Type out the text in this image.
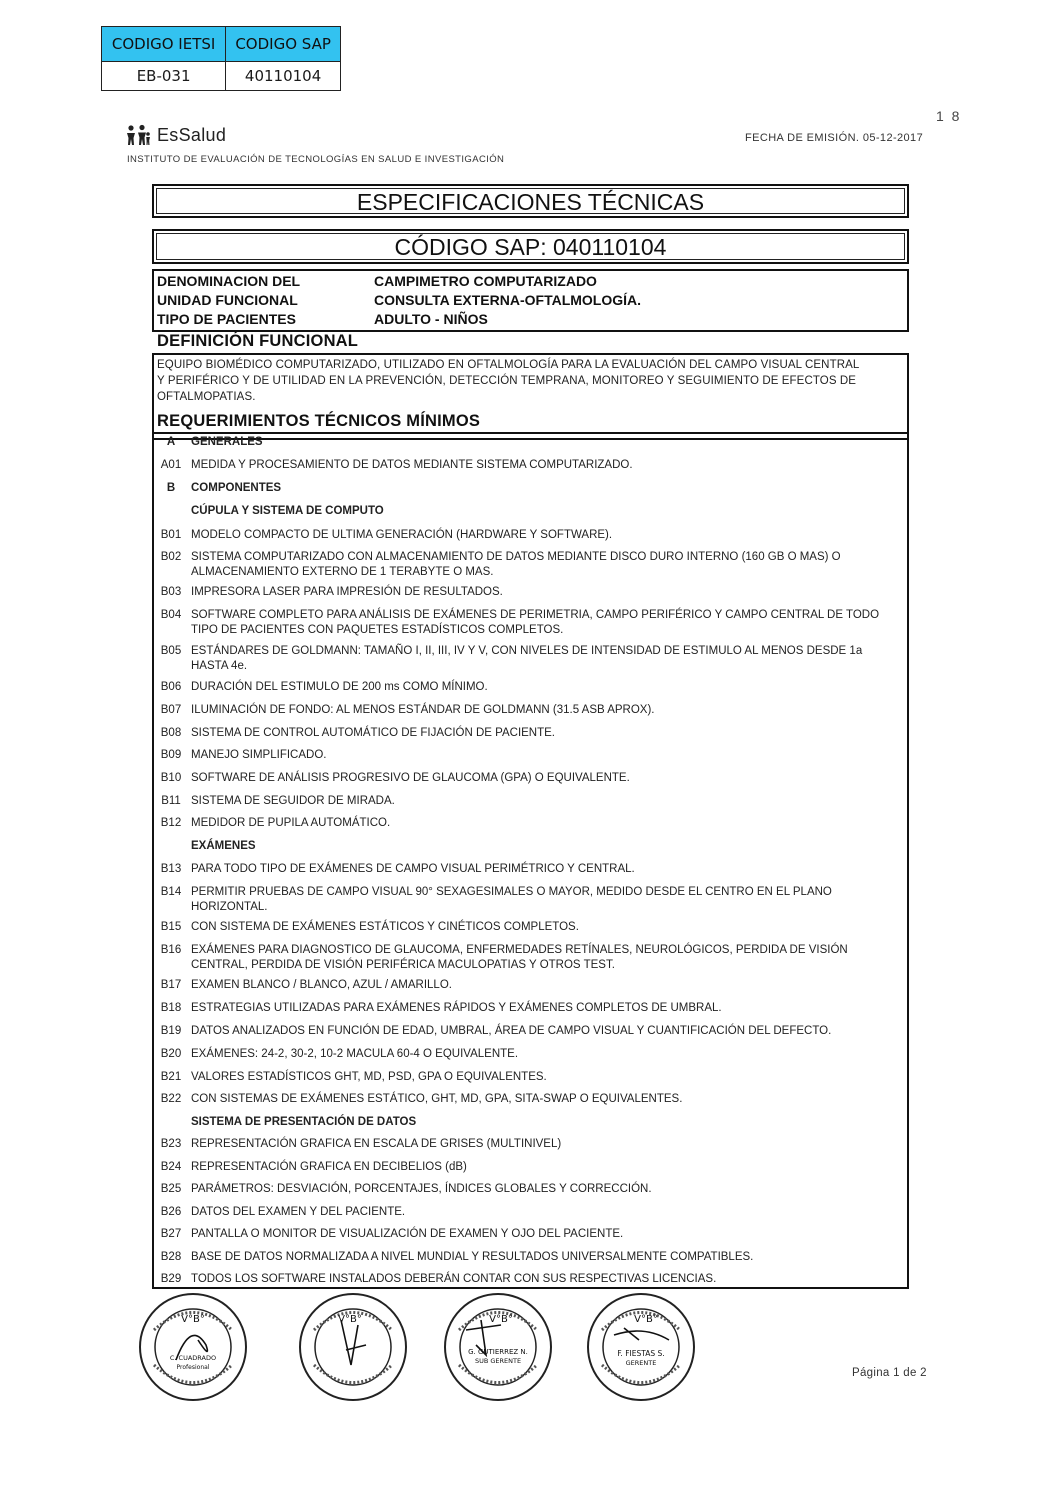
CODIGO IETSI	CODIGO SAP
EB-031	40110104
1 8
EsSalud
INSTITUTO DE EVALUACIÓN DE TECNOLOGÍAS EN SALUD E INVESTIGACIÓN
FECHA DE EMISIÓN. 05-12-2017
ESPECIFICACIONES TÉCNICAS
CÓDIGO SAP: 040110104
DENOMINACION DEL	CAMPIMETRO COMPUTARIZADO
UNIDAD FUNCIONAL	CONSULTA EXTERNA-OFTALMOLOGÍA.
TIPO DE PACIENTES	ADULTO - NIÑOS
DEFINICIÓN FUNCIONAL
EQUIPO BIOMÉDICO COMPUTARIZADO, UTILIZADO EN OFTALMOLOGÍA PARA LA EVALUACIÓN DEL CAMPO VISUAL CENTRAL
Y PERIFÉRICO Y DE UTILIDAD EN LA PREVENCIÓN, DETECCIÓN TEMPRANA, MONITOREO Y SEGUIMIENTO DE EFECTOS DE
OFTALMOPATIAS.
REQUERIMIENTOS TÉCNICOS MÍNIMOS
A	GENERALES
A01 MEDIDA Y PROCESAMIENTO DE DATOS MEDIANTE SISTEMA COMPUTARIZADO.
B	COMPONENTES
CÚPULA Y SISTEMA DE COMPUTO
B01 MODELO COMPACTO DE ULTIMA GENERACIÓN (HARDWARE Y SOFTWARE).
B02 SISTEMA COMPUTARIZADO CON ALMACENAMIENTO DE DATOS MEDIANTE DISCO DURO INTERNO (160 GB O MAS) O ALMACENAMIENTO EXTERNO DE 1 TERABYTE O MAS.
B03 IMPRESORA LASER PARA IMPRESIÓN DE RESULTADOS.
B04 SOFTWARE COMPLETO PARA ANÁLISIS DE EXÁMENES DE PERIMETRIA, CAMPO PERIFÉRICO Y CAMPO CENTRAL DE TODO TIPO DE PACIENTES CON PAQUETES ESTADÍSTICOS COMPLETOS.
B05 ESTÁNDARES DE GOLDMANN: TAMAÑO I, II, III, IV Y V, CON NIVELES DE INTENSIDAD DE ESTIMULO AL MENOS DESDE 1a HASTA 4e.
B06 DURACIÓN DEL ESTIMULO DE 200 ms COMO MÍNIMO.
B07 ILUMINACIÓN DE FONDO: AL MENOS ESTÁNDAR DE GOLDMANN (31.5 ASB APROX).
B08 SISTEMA DE CONTROL AUTOMÁTICO DE FIJACIÓN DE PACIENTE.
B09 MANEJO SIMPLIFICADO.
B10 SOFTWARE DE ANÁLISIS PROGRESIVO DE GLAUCOMA (GPA) O EQUIVALENTE.
B11 SISTEMA DE SEGUIDOR DE MIRADA.
B12 MEDIDOR DE PUPILA AUTOMÁTICO.
EXÁMENES
B13 PARA TODO TIPO DE EXÁMENES DE CAMPO VISUAL PERIMÉTRICO Y CENTRAL.
B14 PERMITIR PRUEBAS DE CAMPO VISUAL 90° SEXAGESIMALES O MAYOR, MEDIDO DESDE EL CENTRO EN EL PLANO HORIZONTAL.
B15 CON SISTEMA DE EXÁMENES ESTÁTICOS Y CINÉTICOS COMPLETOS.
B16 EXÁMENES PARA DIAGNOSTICO DE GLAUCOMA, ENFERMEDADES RETÍNALES, NEUROLÓGICOS, PERDIDA DE VISIÓN CENTRAL, PERDIDA DE VISIÓN PERIFÉRICA MACULOPATIAS Y OTROS TEST.
B17 EXAMEN BLANCO / BLANCO, AZUL / AMARILLO.
B18 ESTRATEGIAS UTILIZADAS PARA EXÁMENES RÁPIDOS Y EXÁMENES COMPLETOS DE UMBRAL.
B19 DATOS ANALIZADOS EN FUNCIÓN DE EDAD, UMBRAL, ÁREA DE CAMPO VISUAL Y CUANTIFICACIÓN DEL DEFECTO.
B20 EXÁMENES: 24-2, 30-2, 10-2 MACULA 60-4 O EQUIVALENTE.
B21 VALORES ESTADÍSTICOS GHT, MD, PSD, GPA O EQUIVALENTES.
B22 CON SISTEMAS DE EXÁMENES ESTÁTICO, GHT, MD, GPA, SITA-SWAP O EQUIVALENTES.
SISTEMA DE PRESENTACIÓN DE DATOS
B23 REPRESENTACIÓN GRAFICA EN ESCALA DE GRISES (MULTINIVEL)
B24 REPRESENTACIÓN GRAFICA EN DECIBELIOS (dB)
B25 PARÁMETROS: DESVIACIÓN, PORCENTAJES, ÍNDICES GLOBALES Y CORRECCIÓN.
B26 DATOS DEL EXAMEN Y DEL PACIENTE.
B27 PANTALLA O MONITOR DE VISUALIZACIÓN DE EXAMEN Y OJO DEL PACIENTE.
B28 BASE DE DATOS NORMALIZADA A NIVEL MUNDIAL Y RESULTADOS UNIVERSALMENTE COMPATIBLES.
B29 TODOS LOS SOFTWARE INSTALADOS DEBERÁN CONTAR CON SUS RESPECTIVAS LICENCIAS.
V°B°
C. CUADRADO
Profesional
V°B°	V°B°
G. GUTIERREZ N.
SUB GERENTE
V°B°
F. FIESTAS S.
GERENTE
Página 1 de 2
